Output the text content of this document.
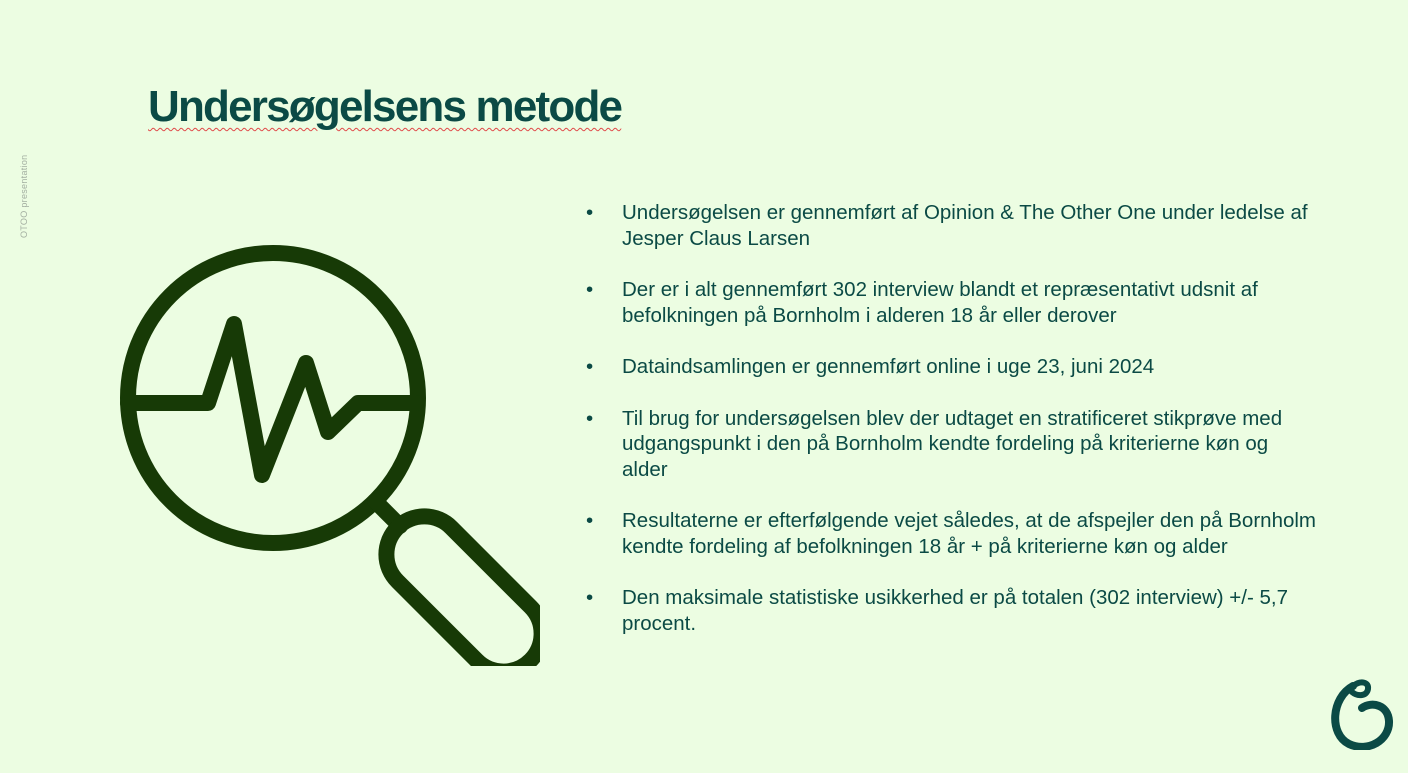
OTOO presentation
Undersøgelsens metode
• Undersøgelsen er gennemført af Opinion & The Other One under ledelse af Jesper Claus Larsen
• Der er i alt gennemført 302 interview blandt et repræsentativt udsnit af befolkningen på Bornholm i alderen 18 år eller derover
• Dataindsamlingen er gennemført online i uge 23, juni 2024
• Til brug for undersøgelsen blev der udtaget en stratificeret stikprøve med udgangspunkt i den på Bornholm kendte fordeling på kriterierne køn og alder
• Resultaterne er efterfølgende vejet således, at de afspejler den på Bornholm kendte fordeling af befolkningen 18 år + på kriterierne køn og alder
• Den maksimale statistiske usikkerhed er på totalen (302 interview) +/- 5,7 procent.
